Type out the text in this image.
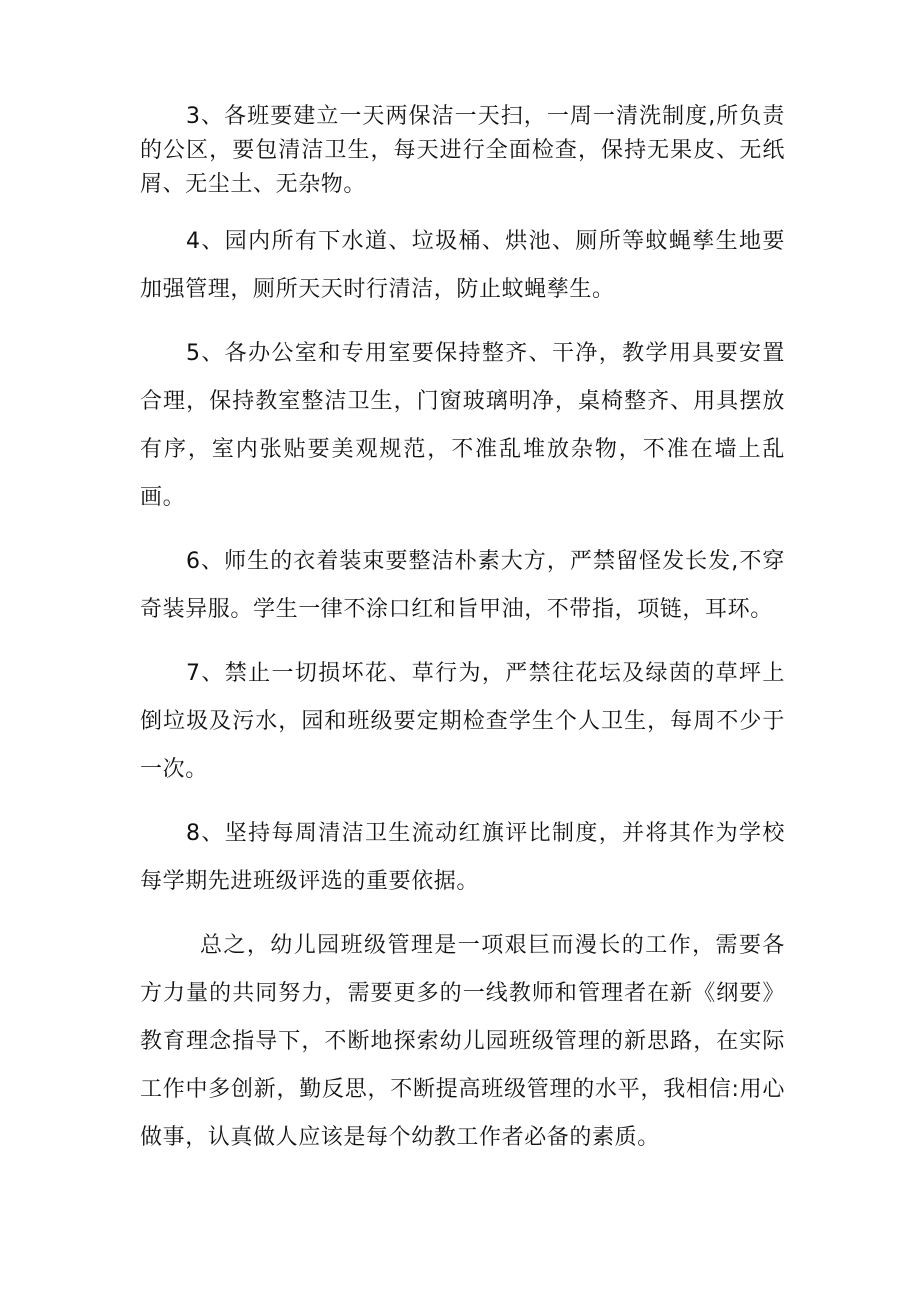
3、各班要建立一天两保洁一天扫，一周一清洗制度,所负责的公区，要包清洁卫生，每天进行全面检查，保持无果皮、无纸屑、无尘土、无杂物。

4、园内所有下水道、垃圾桶、烘池、厕所等蚊蝇孳生地要加强管理，厕所天天时行清洁，防止蚊蝇孳生。

5、各办公室和专用室要保持整齐、干净，教学用具要安置合理，保持教室整洁卫生，门窗玻璃明净，桌椅整齐、用具摆放有序，室内张贴要美观规范，不准乱堆放杂物，不准在墙上乱画。

6、师生的衣着装束要整洁朴素大方，严禁留怪发长发,不穿奇装异服。学生一律不涂口红和旨甲油，不带指，项链，耳环。

7、禁止一切损坏花、草行为，严禁往花坛及绿茵的草坪上倒垃圾及污水，园和班级要定期检查学生个人卫生，每周不少于一次。

8、坚持每周清洁卫生流动红旗评比制度，并将其作为学校每学期先进班级评选的重要依据。

总之，幼儿园班级管理是一项艰巨而漫长的工作，需要各方力量的共同努力，需要更多的一线教师和管理者在新《纲要》教育理念指导下，不断地探索幼儿园班级管理的新思路，在实际工作中多创新，勤反思，不断提高班级管理的水平，我相信:用心做事，认真做人应该是每个幼教工作者必备的素质。
